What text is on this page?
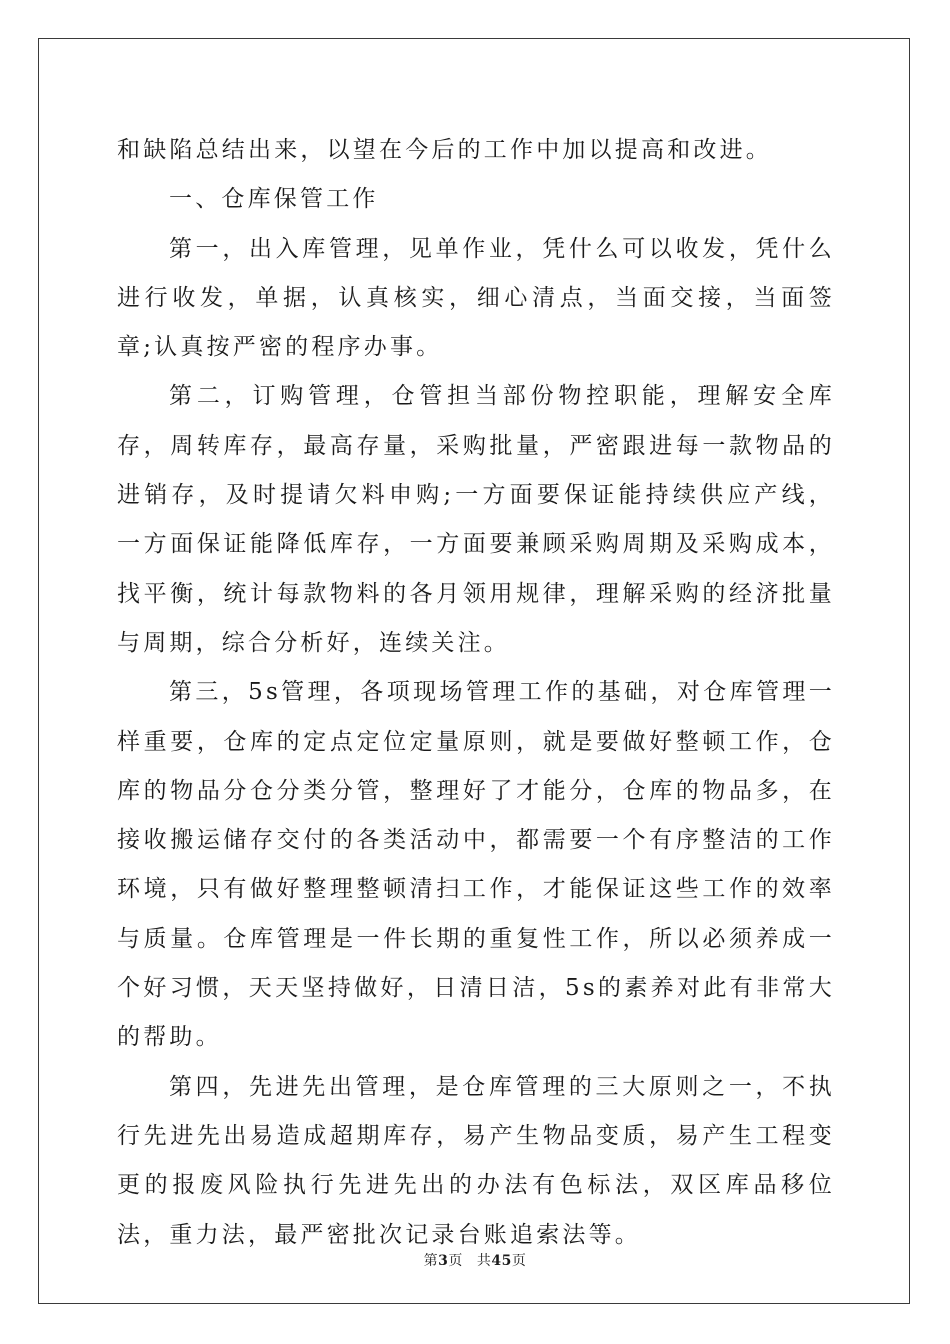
和缺陷总结出来，以望在今后的工作中加以提高和改进。

一、仓库保管工作

第一，出入库管理，见单作业，凭什么可以收发，凭什么进行收发，单据，认真核实，细心清点，当面交接，当面签章;认真按严密的程序办事。

第二，订购管理，仓管担当部份物控职能，理解安全库存，周转库存，最高存量，采购批量，严密跟进每一款物品的进销存，及时提请欠料申购;一方面要保证能持续供应产线，一方面保证能降低库存，一方面要兼顾采购周期及采购成本，找平衡，统计每款物料的各月领用规律，理解采购的经济批量与周期，综合分析好，连续关注。

第三，5s管理，各项现场管理工作的基础，对仓库管理一样重要，仓库的定点定位定量原则，就是要做好整顿工作，仓库的物品分仓分类分管，整理好了才能分，仓库的物品多，在接收搬运储存交付的各类活动中，都需要一个有序整洁的工作环境，只有做好整理整顿清扫工作，才能保证这些工作的效率与质量。仓库管理是一件长期的重复性工作，所以必须养成一个好习惯，天天坚持做好，日清日洁，5s的素养对此有非常大的帮助。

第四，先进先出管理，是仓库管理的三大原则之一，不执行先进先出易造成超期库存，易产生物品变质，易产生工程变更的报废风险执行先进先出的办法有色标法，双区库品移位法，重力法，最严密批次记录台账追索法等。

第3页 共45页
